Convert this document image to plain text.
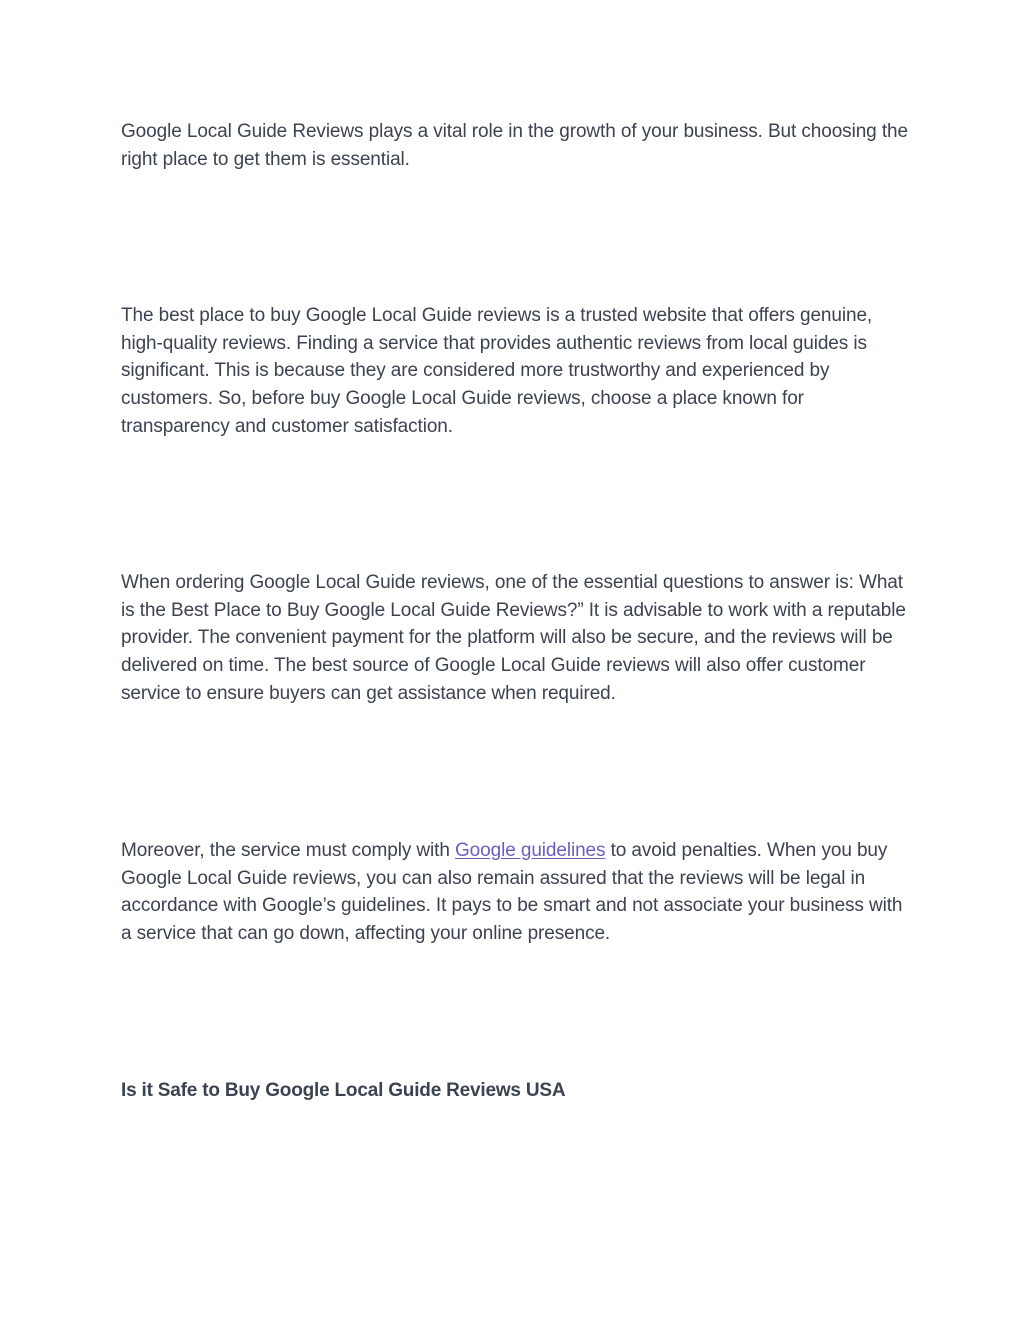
Google Local Guide Reviews plays a vital role in the growth of your business. But choosing the right place to get them is essential.

The best place to buy Google Local Guide reviews is a trusted website that offers genuine, high-quality reviews. Finding a service that provides authentic reviews from local guides is significant. This is because they are considered more trustworthy and experienced by customers. So, before buy Google Local Guide reviews, choose a place known for transparency and customer satisfaction.

When ordering Google Local Guide reviews, one of the essential questions to answer is: What is the Best Place to Buy Google Local Guide Reviews?” It is advisable to work with a reputable provider. The convenient payment for the platform will also be secure, and the reviews will be delivered on time. The best source of Google Local Guide reviews will also offer customer service to ensure buyers can get assistance when required.

Moreover, the service must comply with Google guidelines to avoid penalties. When you buy Google Local Guide reviews, you can also remain assured that the reviews will be legal in accordance with Google’s guidelines. It pays to be smart and not associate your business with a service that can go down, affecting your online presence.

Is it Safe to Buy Google Local Guide Reviews USA
